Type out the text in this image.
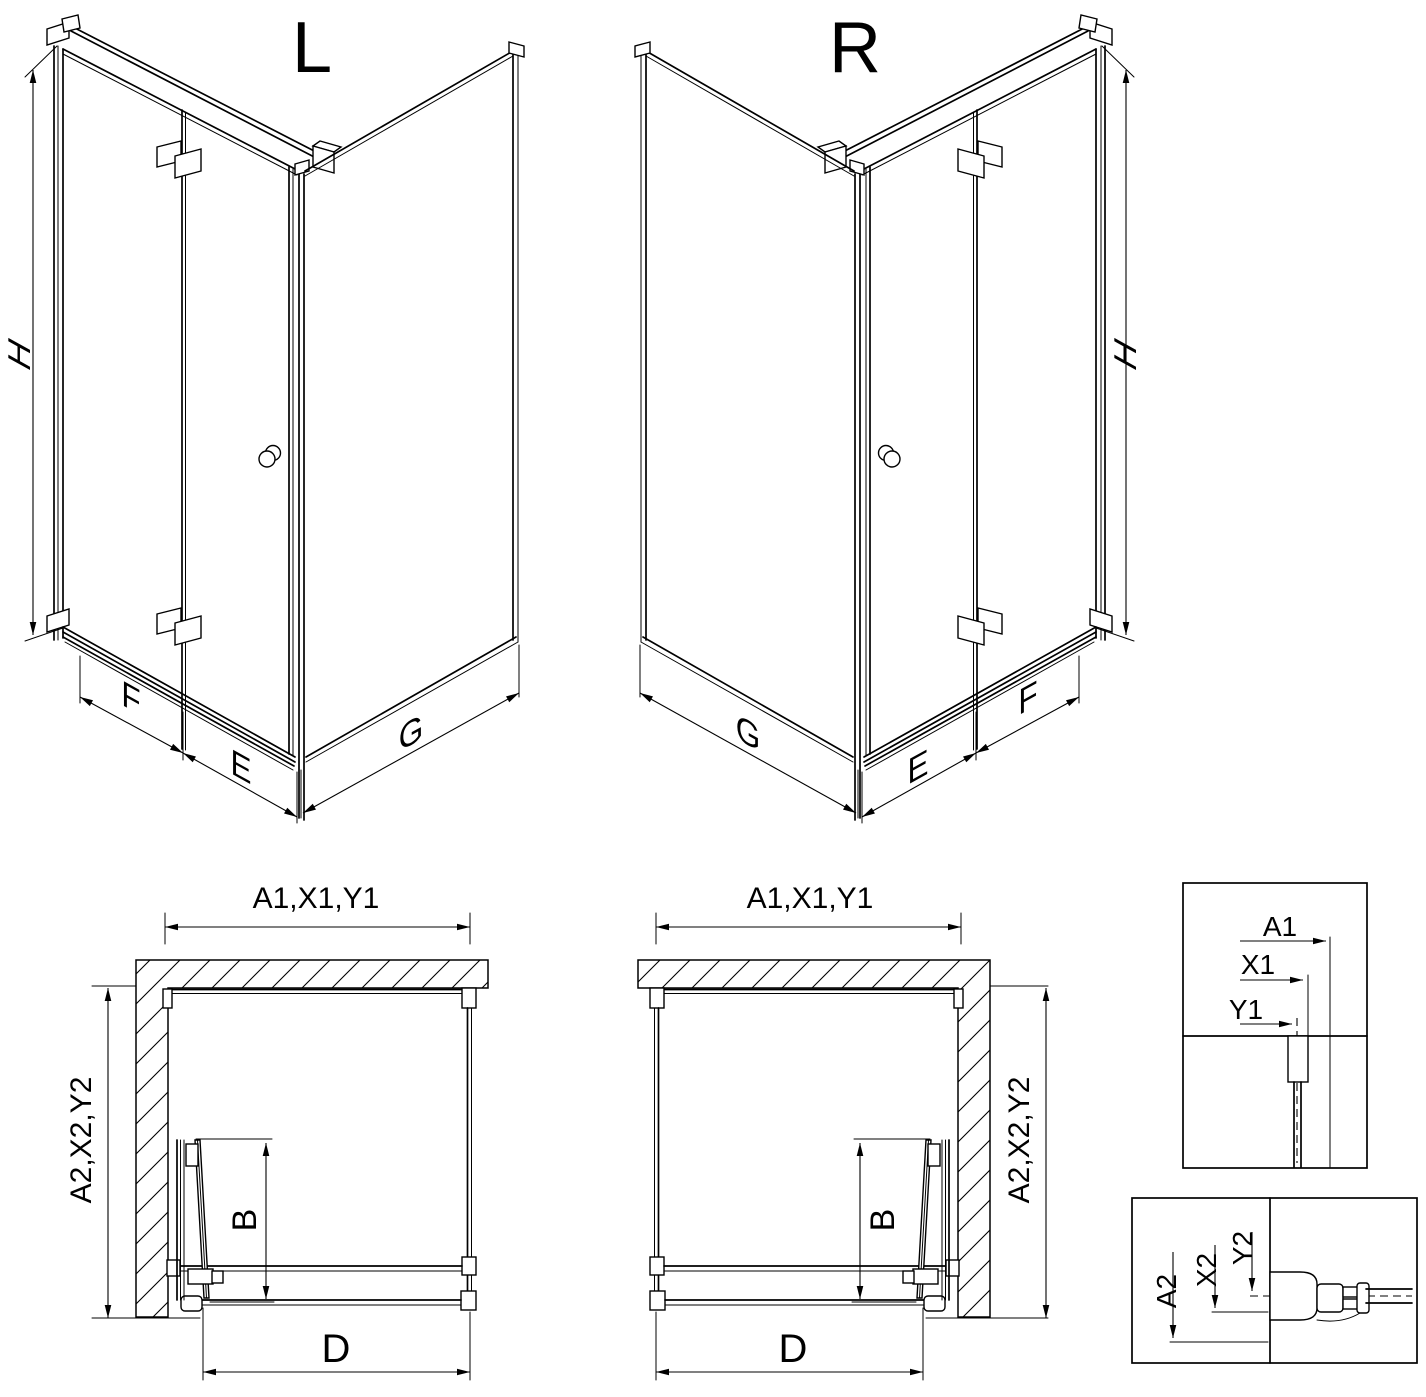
L
H
F
E
G
R
H
F
E
G
A1,X1,Y1
A2,X2,Y2
B
D
A1,X1,Y1
A2,X2,Y2
B
D
A1
X1
Y1
A2
X2
Y2
